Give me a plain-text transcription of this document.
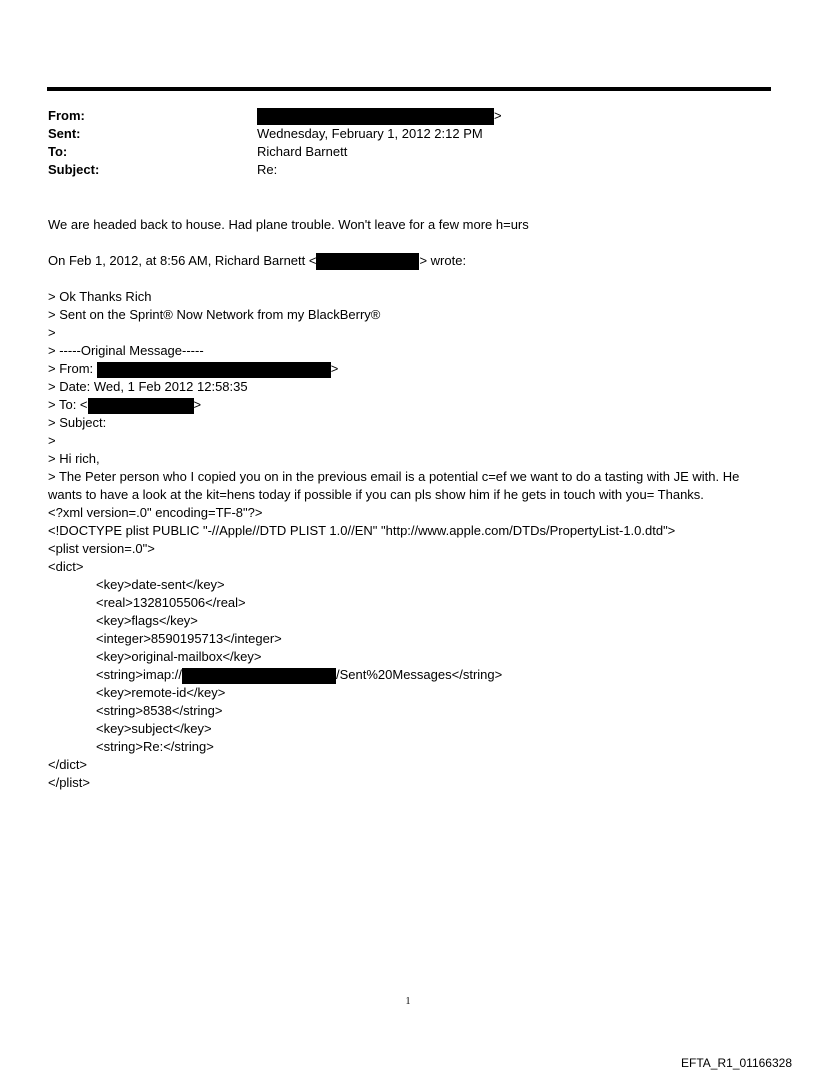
From:	>
Sent:	Wednesday, February 1, 2012 2:12 PM
To:	Richard Barnett
Subject:	Re:
We are headed back to house. Had plane trouble. Won't leave for a few more h=urs
On Feb 1, 2012, at 8:56 AM, Richard Barnett <	> wrote:
> Ok Thanks Rich
> Sent on the Sprint® Now Network from my BlackBerry®
>
> -----Original Message-----
> From:	>
> Date: Wed, 1 Feb 2012 12:58:35
> To: <	>
> Subject:
>
> Hi rich,
> The Peter person who I copied you on in the previous email is a potential c=ef we want to do a tasting with JE with. He wants to have a look at the kit=hens today if possible if you can pls show him if he gets in touch with you= Thanks.
<?xml version=.0" encoding=TF-8"?>
<!DOCTYPE plist PUBLIC "-//Apple//DTD PLIST 1.0//EN" "http://www.apple.com/DTDs/PropertyList-1.0.dtd">
<plist version=.0">
<dict>
<key>date-sent</key>
<real>1328105506</real>
<key>flags</key>
<integer>8590195713</integer>
<key>original-mailbox</key>
<string>imap://	/Sent%20Messages</string>
<key>remote-id</key>
<string>8538</string>
<key>subject</key>
<string>Re:</string>
</dict>
</plist>
1
EFTA_R1_01166328
